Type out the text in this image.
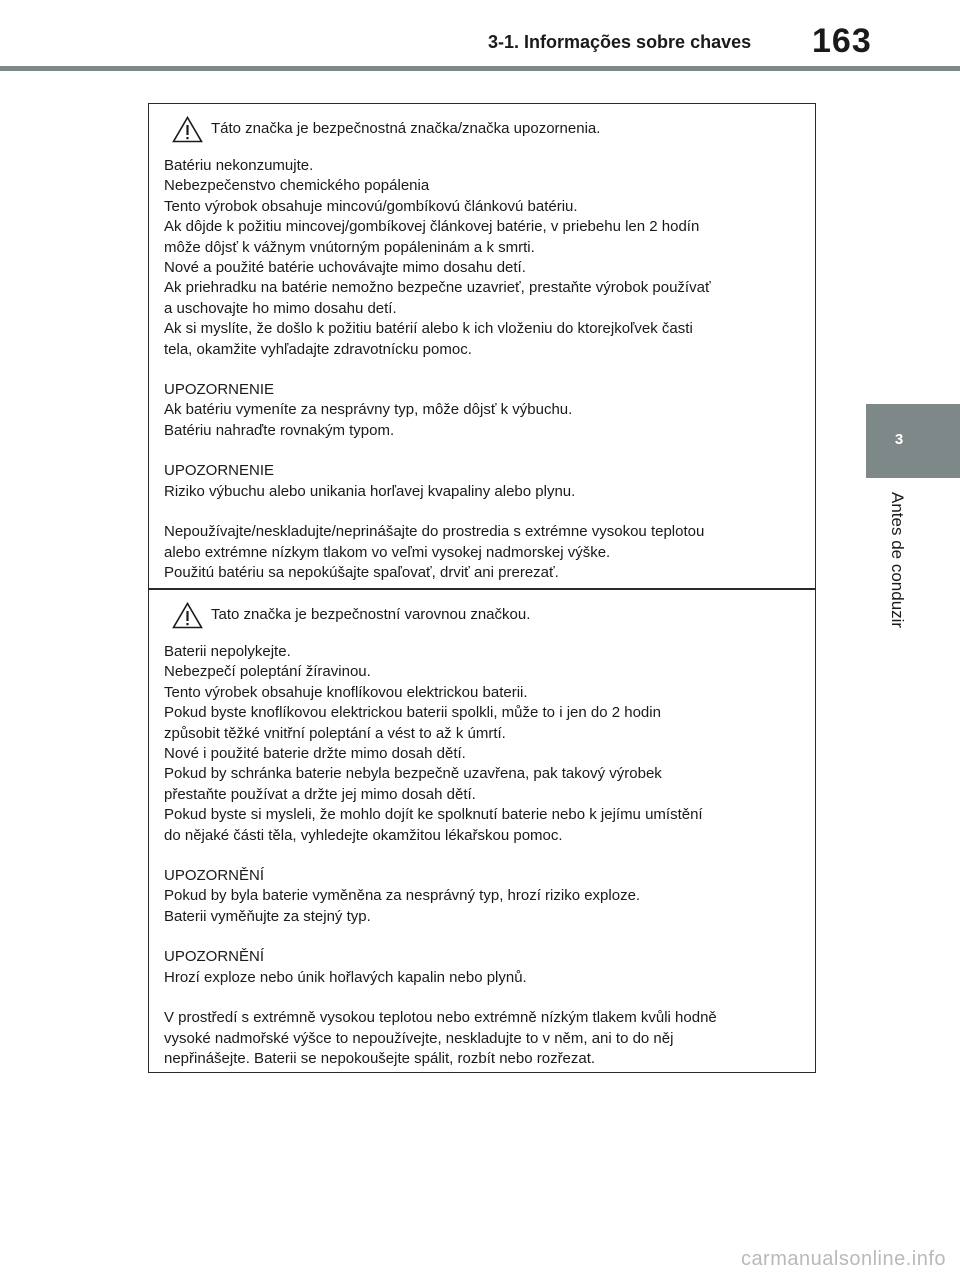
3-1. Informações sobre chaves 163
3
Antes de conduzir
Táto značka je bezpečnostná značka/značka upozornenia.
Batériu nekonzumujte.
Nebezpečenstvo chemického popálenia
Tento výrobok obsahuje mincovú/gombíkovú článkovú batériu.
Ak dôjde k požitiu mincovej/gombíkovej článkovej batérie, v priebehu len 2 hodín
môže dôjsť k vážnym vnútorným popáleninám a k smrti.
Nové a použité batérie uchovávajte mimo dosahu detí.
Ak priehradku na batérie nemožno bezpečne uzavrieť, prestaňte výrobok používať
a uschovajte ho mimo dosahu detí.
Ak si myslíte, že došlo k požitiu batérií alebo k ich vloženiu do ktorejkoľvek časti
tela, okamžite vyhľadajte zdravotnícku pomoc.
UPOZORNENIE
Ak batériu vymeníte za nesprávny typ, môže dôjsť k výbuchu.
Batériu nahraďte rovnakým typom.
UPOZORNENIE
Riziko výbuchu alebo unikania horľavej kvapaliny alebo plynu.
Nepoužívajte/neskladujte/neprinášajte do prostredia s extrémne vysokou teplotou
alebo extrémne nízkym tlakom vo veľmi vysokej nadmorskej výške.
Použitú batériu sa nepokúšajte spaľovať, drviť ani prerezať.
Tato značka je bezpečnostní varovnou značkou.
Baterii nepolykejte.
Nebezpečí poleptání žíravinou.
Tento výrobek obsahuje knoflíkovou elektrickou baterii.
Pokud byste knoflíkovou elektrickou baterii spolkli, může to i jen do 2 hodin
způsobit těžké vnitřní poleptání a vést to až k úmrtí.
Nové i použité baterie držte mimo dosah dětí.
Pokud by schránka baterie nebyla bezpečně uzavřena, pak takový výrobek
přestaňte používat a držte jej mimo dosah dětí.
Pokud byste si mysleli, že mohlo dojít ke spolknutí baterie nebo k jejímu umístění
do nějaké části těla, vyhledejte okamžitou lékařskou pomoc.
UPOZORNĚNÍ
Pokud by byla baterie vyměněna za nesprávný typ, hrozí riziko exploze.
Baterii vyměňujte za stejný typ.
UPOZORNĚNÍ
Hrozí exploze nebo únik hořlavých kapalin nebo plynů.
V prostředí s extrémně vysokou teplotou nebo extrémně nízkým tlakem kvůli hodně
vysoké nadmořské výšce to nepoužívejte, neskladujte to v něm, ani to do něj
nepřinášejte. Baterii se nepokoušejte spálit, rozbít nebo rozřezat.
carmanualsonline.info
